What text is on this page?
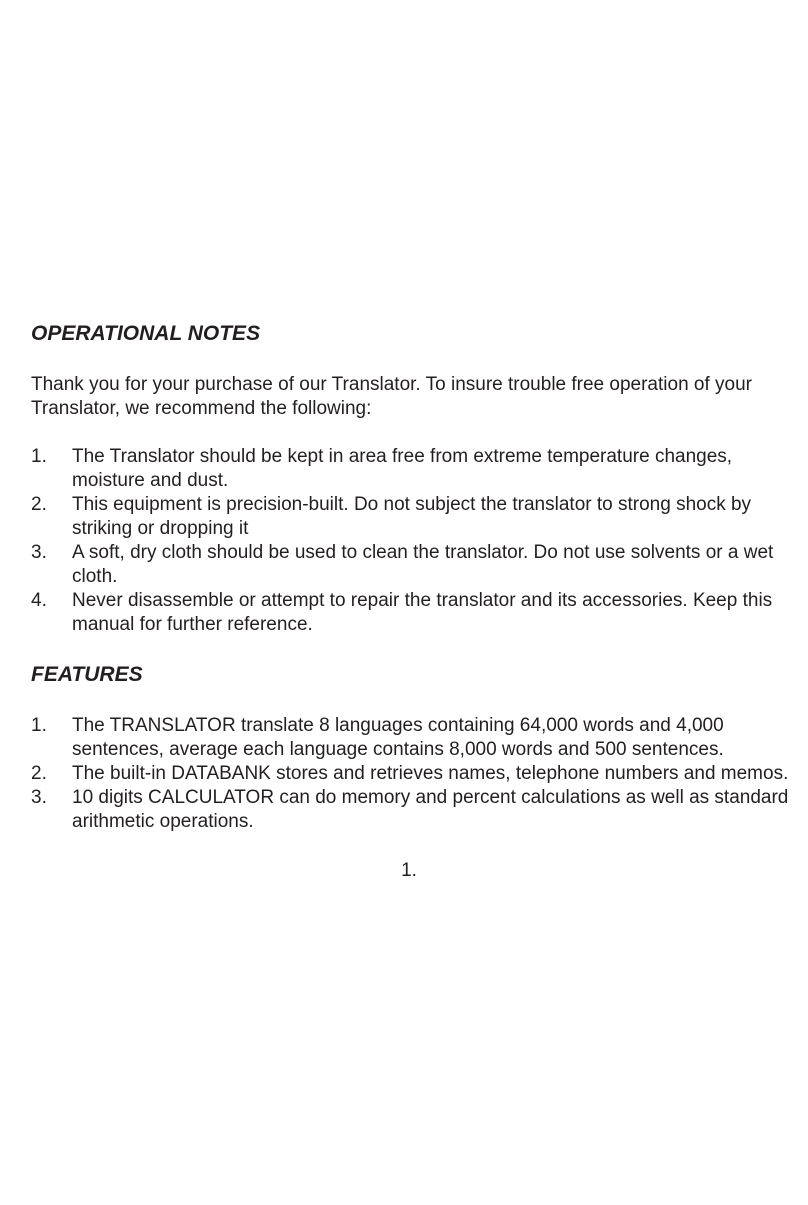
OPERATIONAL NOTES

Thank you for your purchase of our Translator. To insure trouble free operation of your Translator, we recommend the following:

1. The Translator should be kept in area free from extreme temperature changes, moisture and dust.
2. This equipment is precision-built. Do not subject the translator to strong shock by striking or dropping it
3. A soft, dry cloth should be used to clean the translator. Do not use solvents or a wet cloth.
4. Never disassemble or attempt to repair the translator and its accessories. Keep this manual for further reference.
FEATURES
1. The TRANSLATOR translate 8 languages containing 64,000 words and 4,000 sentences, average each language contains 8,000 words and 500 sentences.
2. The built-in DATABANK stores and retrieves names, telephone numbers and memos.
3. 10 digits CALCULATOR can do memory and percent calculations as well as standard arithmetic operations.
1.
